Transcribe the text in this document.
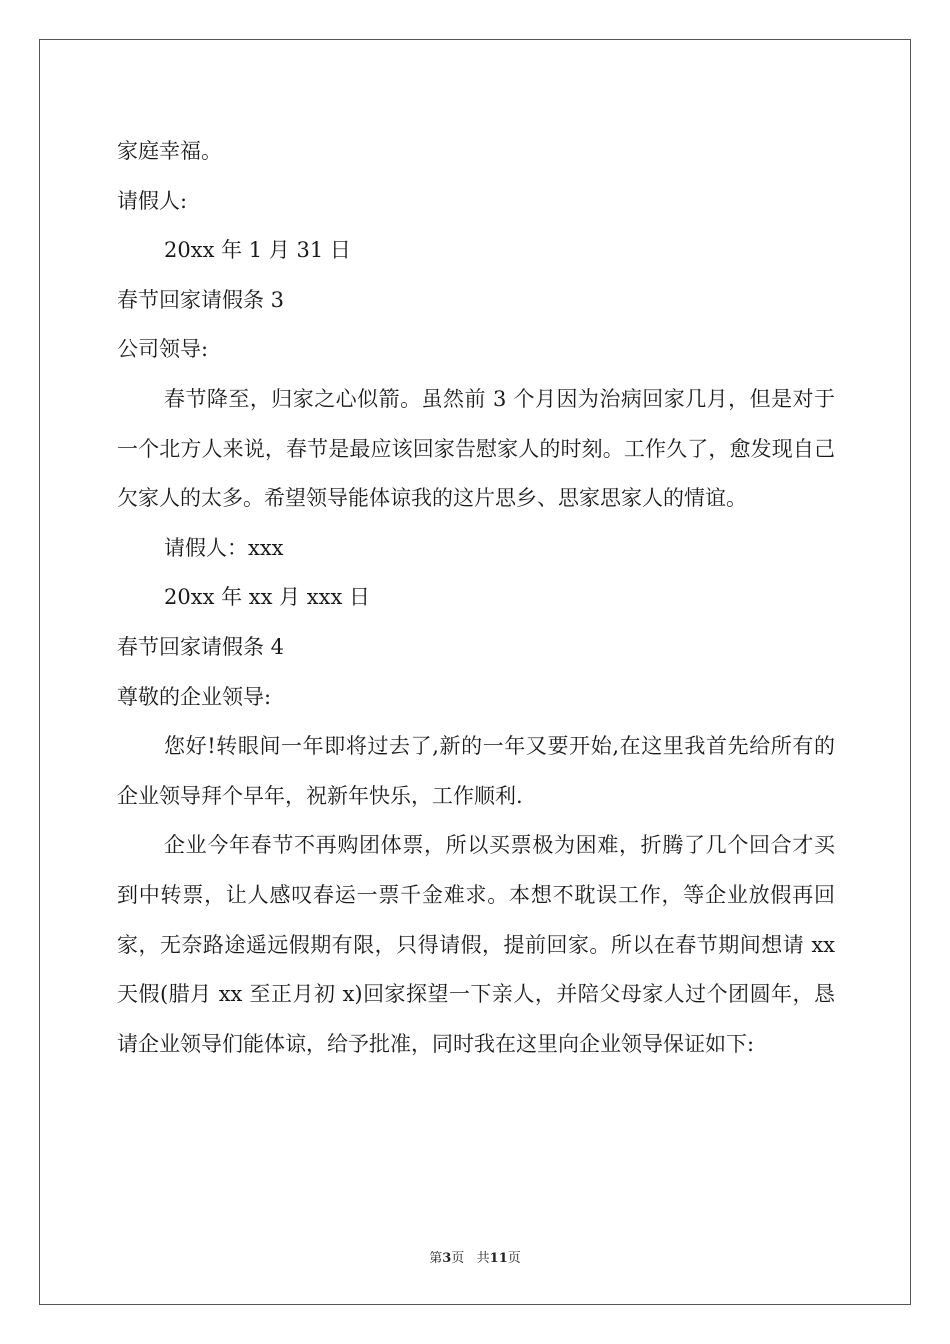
家庭幸福。

请假人:

20xx 年 1 月 31 日

春节回家请假条 3

公司领导:

春节降至，归家之心似箭。虽然前 3 个月因为治病回家几月，但是对于一个北方人来说，春节是最应该回家告慰家人的时刻。工作久了，愈发现自己欠家人的太多。希望领导能体谅我的这片思乡、思家思家人的情谊。

请假人：xxx

20xx 年 xx 月 xxx 日

春节回家请假条 4

尊敬的企业领导:

您好!转眼间一年即将过去了,新的一年又要开始,在这里我首先给所有的企业领导拜个早年，祝新年快乐，工作顺利.

企业今年春节不再购团体票，所以买票极为困难，折腾了几个回合才买到中转票，让人感叹春运一票千金难求。本想不耽误工作，等企业放假再回家，无奈路途遥远假期有限，只得请假，提前回家。所以在春节期间想请 xx 天假(腊月 xx 至正月初 x)回家探望一下亲人，并陪父母家人过个团圆年，恳请企业领导们能体谅，给予批准，同时我在这里向企业领导保证如下:

第3页   共11页
